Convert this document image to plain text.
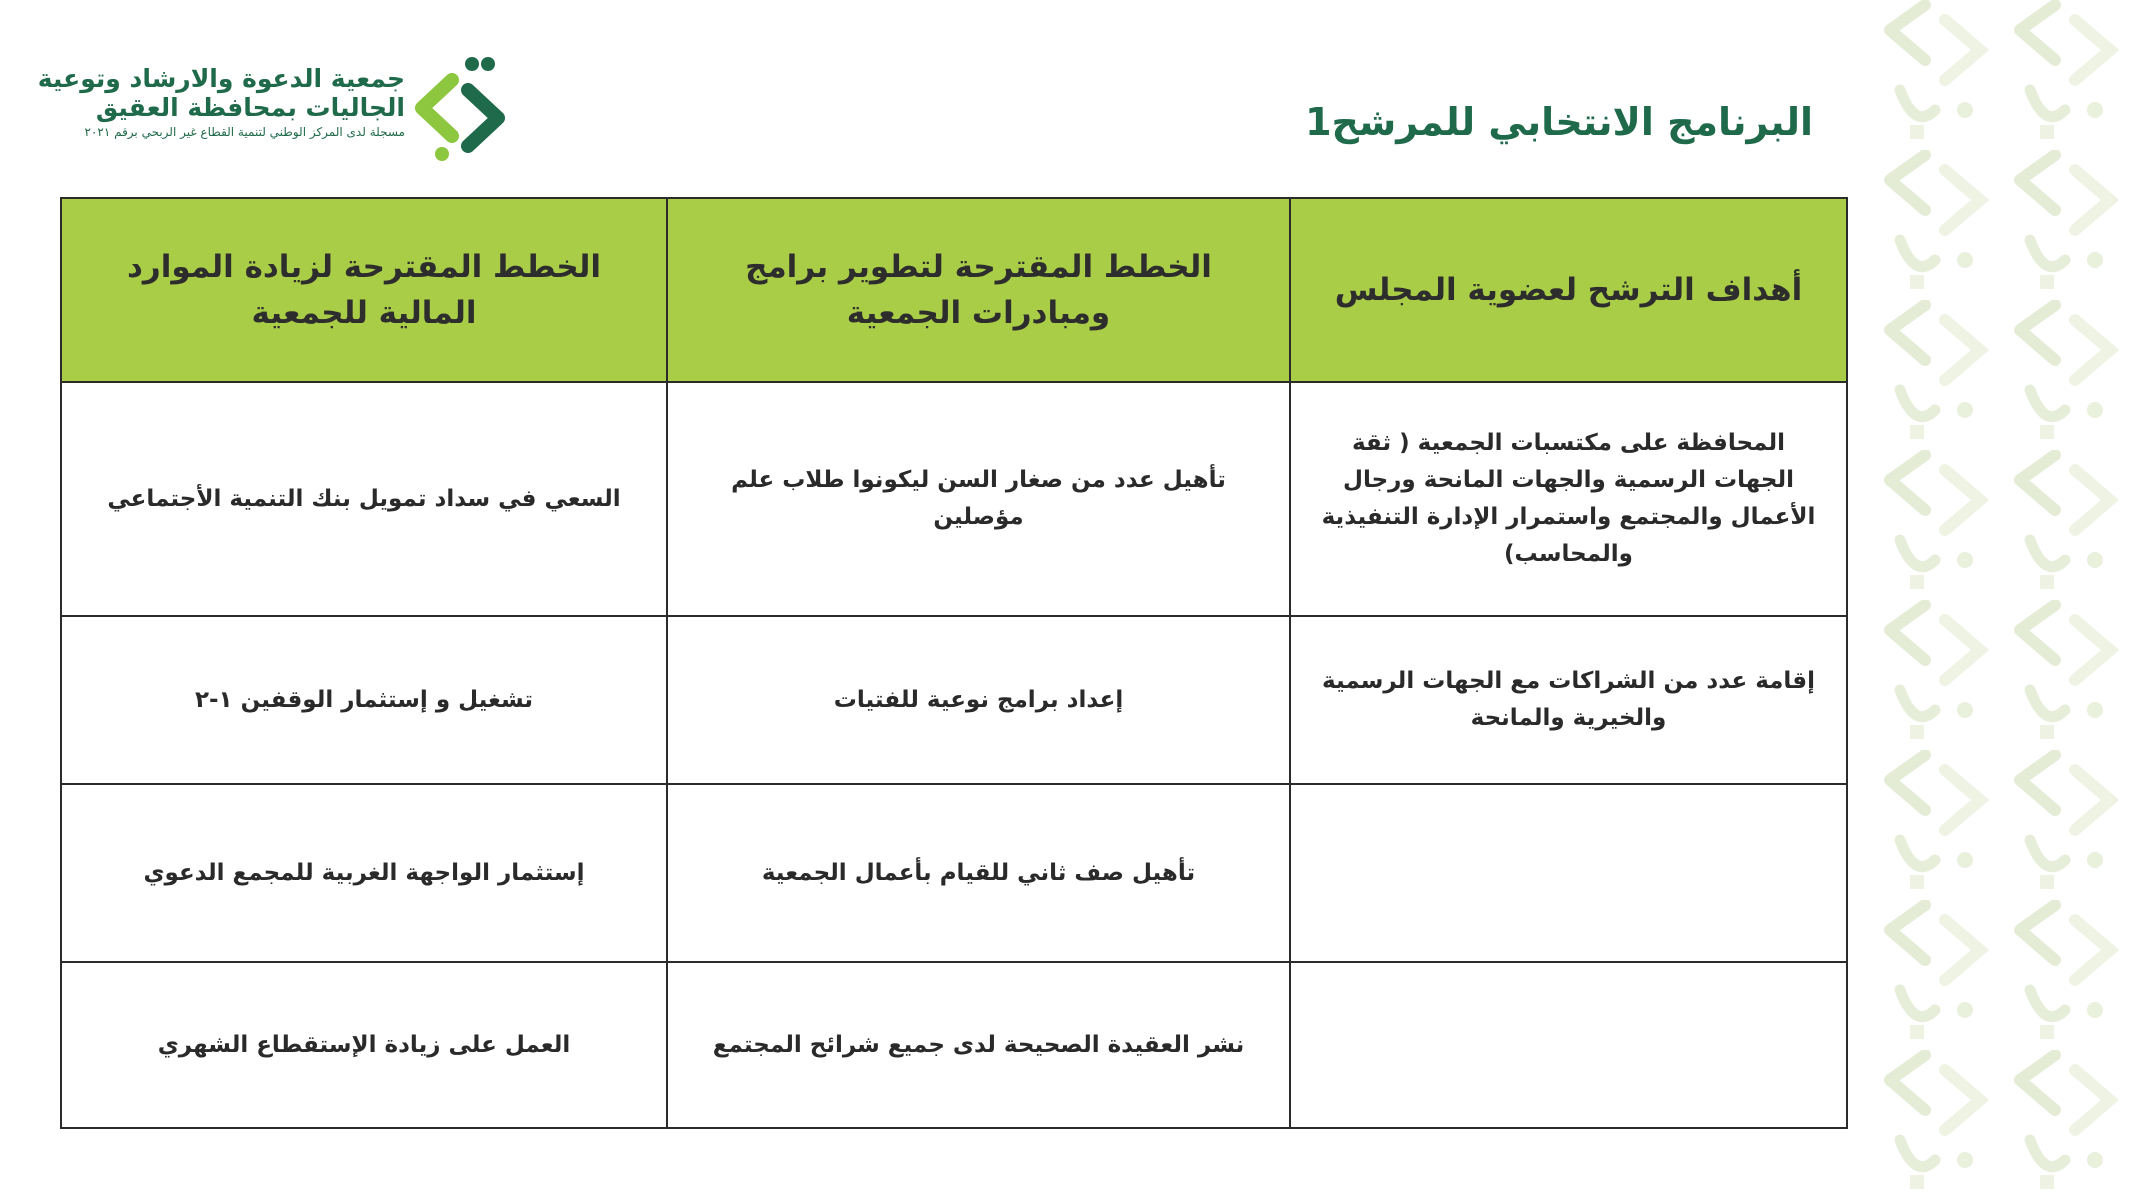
جمعية الدعوة والارشاد وتوعية
الجاليات بمحافظة العقيق
مسجلة لدى المركز الوطني لتنمية القطاع غير الربحي برقم ٢٠٢١	البرنامج الانتخابي للمرشح1
أهداف الترشح لعضوية المجلس	الخطط المقترحة لتطوير برامج ومبادرات الجمعية	الخطط المقترحة لزيادة الموارد المالية للجمعية
المحافظة على مكتسبات الجمعية ( ثقة الجهات الرسمية والجهات المانحة ورجال الأعمال والمجتمع واستمرار الإدارة التنفيذية والمحاسب)	تأهيل عدد من صغار السن ليكونوا طلاب علم مؤصلين	السعي في سداد تمويل بنك التنمية الأجتماعي
إقامة عدد من الشراكات مع الجهات الرسمية والخيرية والمانحة	إعداد برامج نوعية للفتيات	تشغيل و إستثمار الوقفين ١-٢
	تأهيل صف ثاني للقيام بأعمال الجمعية	إستثمار الواجهة الغربية للمجمع الدعوي
	نشر العقيدة الصحيحة لدى جميع شرائح المجتمع	العمل على زيادة الإستقطاع الشهري
